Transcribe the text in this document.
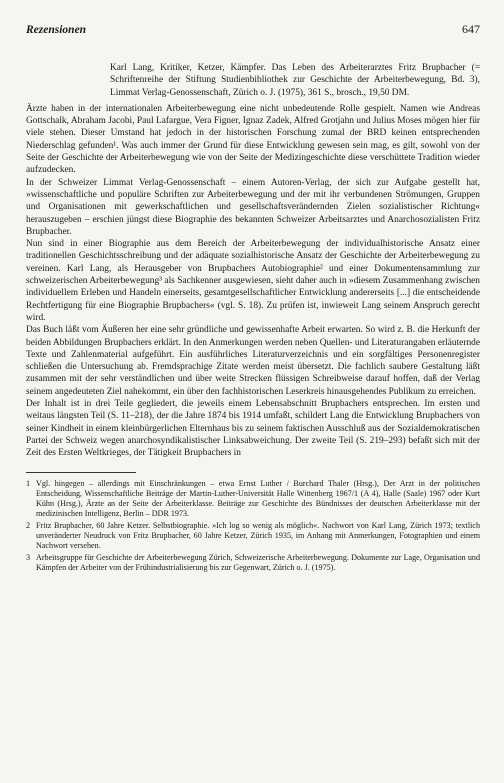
Rezensionen	647
Karl Lang, Kritiker, Ketzer, Kämpfer. Das Leben des Arbeiterarztes Fritz Brupbacher (= Schriftenreihe der Stiftung Studienbibliothek zur Geschichte der Arbeiterbewegung, Bd. 3), Limmat Verlag-Genossenschaft, Zürich o. J. (1975), 361 S., brosch., 19,50 DM.

Ärzte haben in der internationalen Arbeiterbewegung eine nicht unbedeutende Rolle gespielt. Namen wie Andreas Gottschalk, Abraham Jacobi, Paul Lafargue, Vera Figner, Ignaz Zadek, Alfred Grotjahn und Julius Moses mögen hier für viele stehen. Dieser Umstand hat jedoch in der historischen Forschung zumal der BRD keinen entsprechenden Niederschlag gefunden¹. Was auch immer der Grund für diese Entwicklung gewesen sein mag, es gilt, sowohl von der Seite der Geschichte der Arbeiterbewegung wie von der Seite der Medizingeschichte diese verschüttete Tradition wieder aufzudecken.

In der Schweizer Limmat Verlag-Genossenschaft – einem Autoren-Verlag, der sich zur Aufgabe gestellt hat, »wissenschaftliche und populäre Schriften zur Arbeiterbewegung und der mit ihr verbundenen Strömungen, Gruppen und Organisationen mit gewerkschaftlichen und gesellschaftsverändernden Zielen sozialistischer Richtung« herauszugeben – erschien jüngst diese Biographie des bekannten Schweizer Arbeitsarztes und Anarchosozialisten Fritz Brupbacher.

Nun sind in einer Biographie aus dem Bereich der Arbeiterbewegung der individualhistorische Ansatz einer traditionellen Geschichtsschreibung und der adäquate sozialhistorische Ansatz der Geschichte der Arbeiterbewegung zu vereinen. Karl Lang, als Herausgeber von Brupbachers Autobiographie² und einer Dokumentensammlung zur schweizerischen Arbeiterbewegung³ als Sachkenner ausgewiesen, sieht daher auch in »diesem Zusammenhang zwischen individuellem Erleben und Handeln einerseits, gesamtgesellschaftlicher Entwicklung andererseits [...] die entscheidende Rechtfertigung für eine Biographie Brupbachers« (vgl. S. 18). Zu prüfen ist, inwieweit Lang seinem Anspruch gerecht wird.

Das Buch läßt vom Äußeren her eine sehr gründliche und gewissenhafte Arbeit erwarten. So wird z. B. die Herkunft der beiden Abbildungen Brupbachers erklärt. In den Anmerkungen werden neben Quellen- und Literaturangaben erläuternde Texte und Zahlenmaterial aufgeführt. Ein ausführliches Literaturverzeichnis und ein sorgfältiges Personenregister schließen die Untersuchung ab. Fremdsprachige Zitate werden meist übersetzt. Die fachlich saubere Gestaltung läßt zusammen mit der sehr verständlichen und über weite Strecken flüssigen Schreibweise darauf hoffen, daß der Verlag seinem angedeuteten Ziel nahekommt, ein über den fachhistorischen Leserkreis hinausgehendes Publikum zu erreichen.

Der Inhalt ist in drei Teile gegliedert, die jeweils einem Lebensabschnitt Brupbachers entsprechen. Im ersten und weitaus längsten Teil (S. 11–218), der die Jahre 1874 bis 1914 umfaßt, schildert Lang die Entwicklung Brupbachers von seiner Kindheit in einem kleinbürgerlichen Elternhaus bis zu seinem faktischen Ausschluß aus der Sozialdemokratischen Partei der Schweiz wegen anarchosyndikalistischer Linksabweichung. Der zweite Teil (S. 219–293) befaßt sich mit der Zeit des Ersten Weltkrieges, der Tätigkeit Brupbachers in

1 Vgl. hingegen – allerdings mit Einschränkungen – etwa Ernst Luther / Burchard Thaler (Hrsg.), Der Arzt in der politischen Entscheidung, Wissenschaftliche Beiträge der Martin-Luther-Universität Halle Wittenberg 1967/1 (A 4), Halle (Saale) 1967 oder Kurt Kühn (Hrsg.), Ärzte an der Seite der Arbeiterklasse. Beiträge zur Geschichte des Bündnisses der deutschen Arbeiterklasse mit der medizinischen Intelligenz, Berlin – DDR 1973.
2 Fritz Brupbacher, 60 Jahre Ketzer. Selbstbiographie. »Ich log so wenig als möglich«. Nachwort von Karl Lang, Zürich 1973; textlich unveränderter Neudruck von Fritz Brupbacher, 60 Jahre Ketzer, Zürich 1935, im Anhang mit Anmerkungen, Fotographien und einem Nachwort versehen.
3 Arbeitsgruppe für Geschichte der Arbeiterbewegung Zürich, Schweizerische Arbeiterbewegung. Dokumente zur Lage, Organisation und Kämpfen der Arbeiter von der Frühindustrialisierung bis zur Gegenwart, Zürich o. J. (1975).
